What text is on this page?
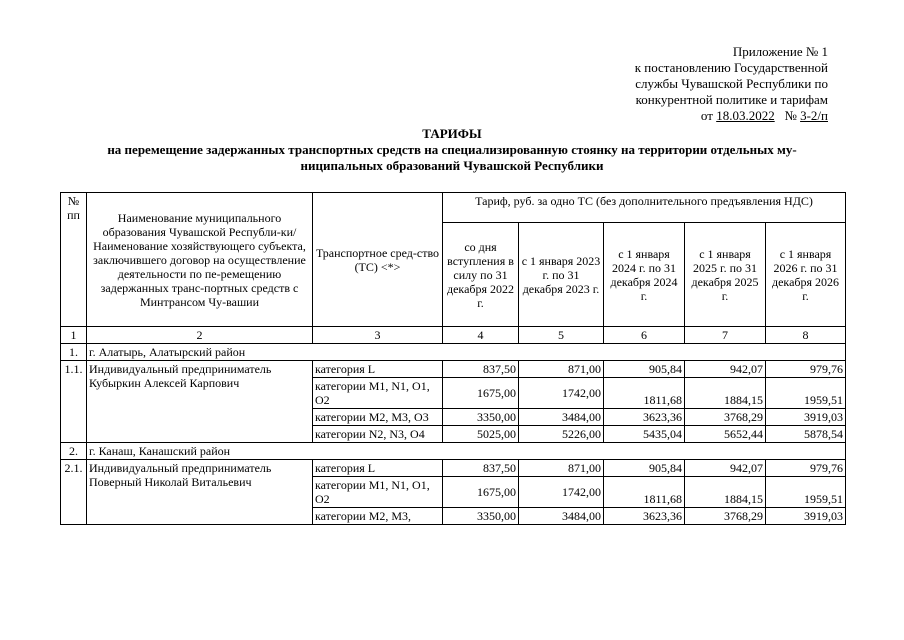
Приложение № 1
к постановлению Государственной
службы Чувашской Республики по
конкурентной политике и тарифам
от 18.03.2022 № 3-2/п
ТАРИФЫ
на перемещение задержанных транспортных средств на специализированную стоянку на территории отдельных му-
ниципальных образований Чувашской Республики
№ пп	Наименование муниципального образования Чувашской Республи-ки/ Наименование хозяйствующего субъекта, заключившего договор на осуществление деятельности по пе-ремещению задержанных транс-портных средств с Минтрансом Чу-вашии	Транспортное сред-ство (ТС) <*>	Тариф, руб. за одно ТС (без дополнительного предъявления НДС)				
			со дня вступления в силу по 31 декабря 2022 г.	с 1 января 2023 г. по 31 декабря 2023 г.	с 1 января 2024 г. по 31 декабря 2024 г.	с 1 января 2025 г. по 31 декабря 2025 г.	с 1 января 2026 г. по 31 декабря 2026 г.
1	2	3	4	5	6	7	8
1.	г. Алатырь, Алатырский район						
1.1.	Индивидуальный предприниматель Кубыркин Алексей Карпович	категория L	837,50	871,00	905,84	942,07	979,76
		категории M1, N1, O1, O2	1675,00	1742,00	1811,68	1884,15	1959,51
		категории M2, M3, O3	3350,00	3484,00	3623,36	3768,29	3919,03
		категории N2, N3, O4	5025,00	5226,00	5435,04	5652,44	5878,54
2.	г. Канаш, Канашский район						
2.1.	Индивидуальный предприниматель Поверный Николай Витальевич	категория L	837,50	871,00	905,84	942,07	979,76
		категории M1, N1, O1, O2	1675,00	1742,00	1811,68	1884,15	1959,51
		категории M2, M3,	3350,00	3484,00	3623,36	3768,29	3919,03
